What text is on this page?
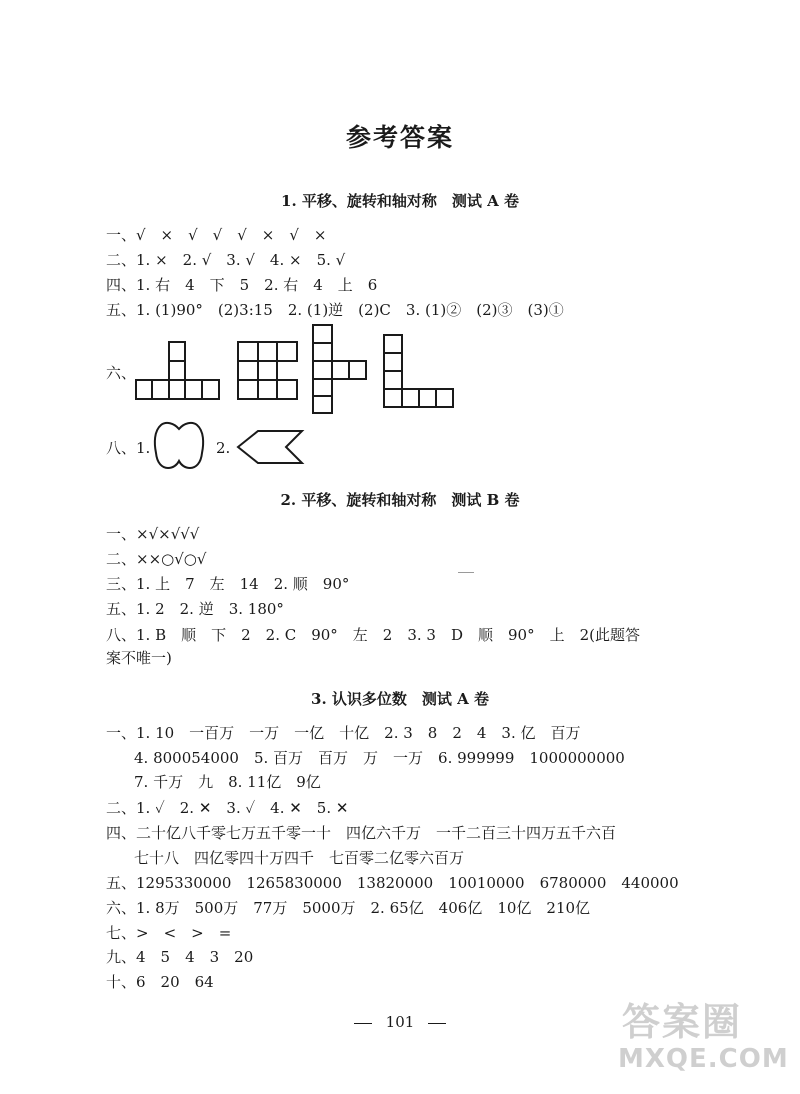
参考答案
1. 平移、旋转和轴对称　测试 A 卷
一、√　×　√　√　√　×　√　×
二、1. ×　2. √　3. √　4. ×　5. √
四、1. 右　4　下　5　2. 右　4　上　6
五、1. (1)90°　(2)3:15　2. (1)逆　(2)C　3. (1)②　(2)③　(3)①
六、
八、1.	2.
2. 平移、旋转和轴对称　测试 B 卷
一、×√×√√√
二、××○√○√
三、1. 上　7　左　14　2. 顺　90°
五、1. 2　2. 逆　3. 180°
八、1. B　顺　下　2　2. C　90°　左　2　3. 3　D　顺　90°　上　2(此题答
案不唯一)
3. 认识多位数　测试 A 卷
一、1. 10　一百万　一万　一亿　十亿　2. 3　8　2　4　3. 亿　百万
4. 800054000　5. 百万　百万　万　一万　6. 999999　1000000000
7. 千万　九　8. 11亿　9亿
二、1. ✓　2. ✕　3. ✓　4. ✕　5. ✕
四、二十亿八千零七万五千零一十　四亿六千万　一千二百三十四万五千六百
七十八　四亿零四十万四千　七百零二亿零六百万
五、1295330000　1265830000　13820000　10010000　6780000　440000
六、1. 8万　500万　77万　5000万　2. 65亿　406亿　10亿　210亿
七、>　<　>　=
九、4　5　4　3　20
十、6　20　64
101	答案圈
MXQE.COM
